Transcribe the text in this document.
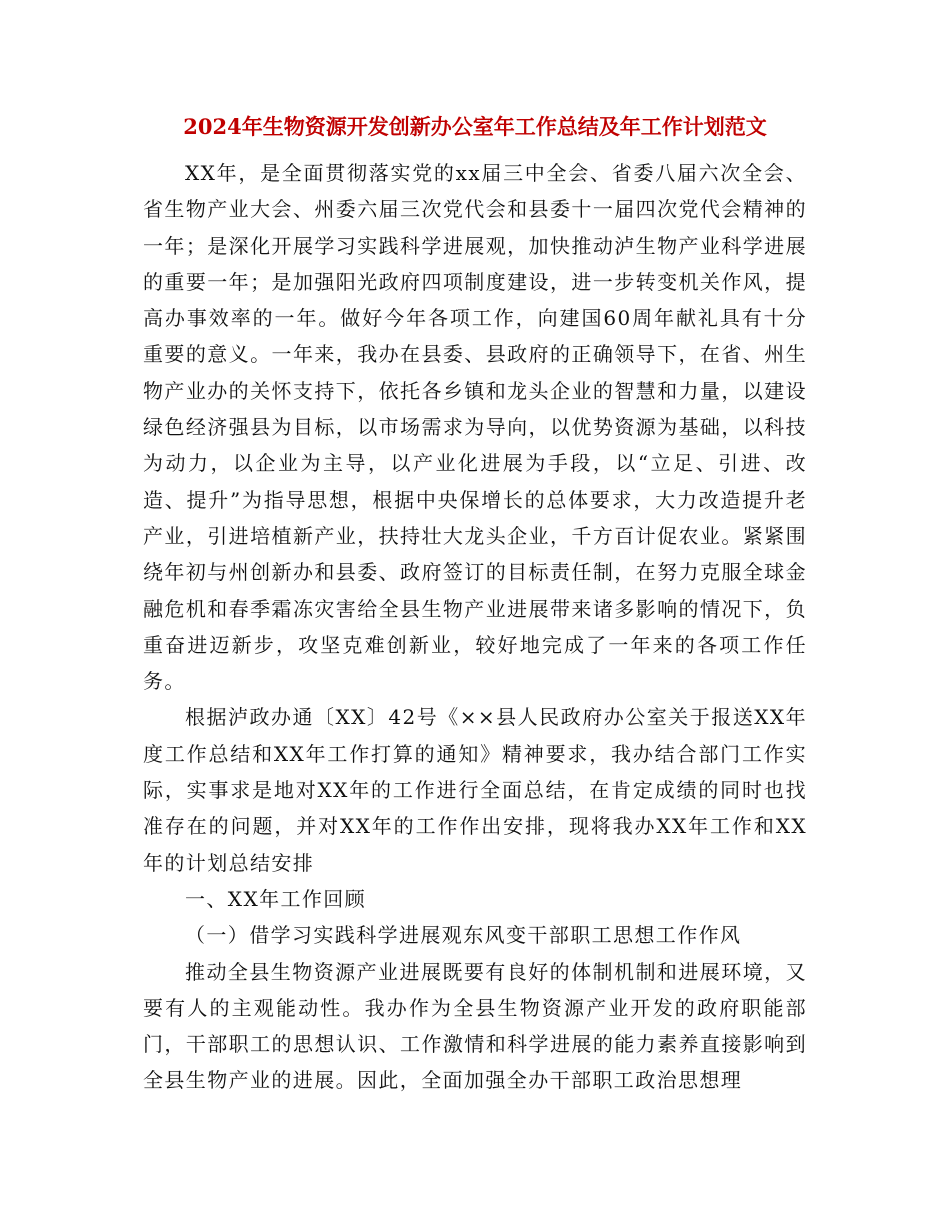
2024年生物资源开发创新办公室年工作总结及年工作计划范文

XX年，是全面贯彻落实党的xx届三中全会、省委八届六次全会、省生物产业大会、州委六届三次党代会和县委十一届四次党代会精神的一年；是深化开展学习实践科学进展观，加快推动泸生物产业科学进展的重要一年；是加强阳光政府四项制度建设，进一步转变机关作风，提高办事效率的一年。做好今年各项工作，向建国60周年献礼具有十分重要的意义。一年来，我办在县委、县政府的正确领导下，在省、州生物产业办的关怀支持下，依托各乡镇和龙头企业的智慧和力量，以建设绿色经济强县为目标，以市场需求为导向，以优势资源为基础，以科技为动力，以企业为主导，以产业化进展为手段，以“立足、引进、改造、提升”为指导思想，根据中央保增长的总体要求，大力改造提升老产业，引进培植新产业，扶持壮大龙头企业，千方百计促农业。紧紧围绕年初与州创新办和县委、政府签订的目标责任制，在努力克服全球金融危机和春季霜冻灾害给全县生物产业进展带来诸多影响的情况下，负重奋进迈新步，攻坚克难创新业，较好地完成了一年来的各项工作任务。

根据泸政办通〔XX〕42号《××县人民政府办公室关于报送XX年度工作总结和XX年工作打算的通知》精神要求，我办结合部门工作实际，实事求是地对XX年的工作进行全面总结，在肯定成绩的同时也找准存在的问题，并对XX年的工作作出安排，现将我办XX年工作和XX年的计划总结安排

一、XX年工作回顾

（一）借学习实践科学进展观东风变干部职工思想工作作风

推动全县生物资源产业进展既要有良好的体制机制和进展环境，又要有人的主观能动性。我办作为全县生物资源产业开发的政府职能部门，干部职工的思想认识、工作激情和科学进展的能力素养直接影响到全县生物产业的进展。因此，全面加强全办干部职工政治思想理
